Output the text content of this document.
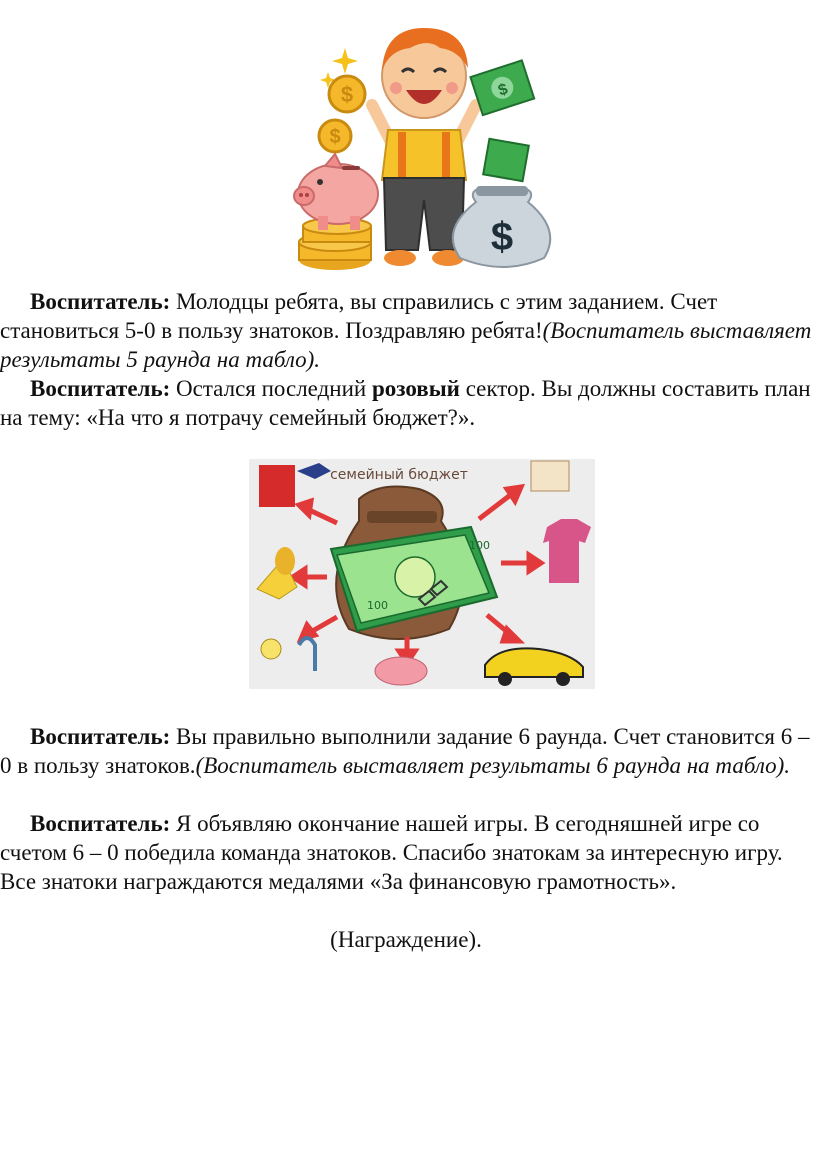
$
$
$
$

Воспитатель: Молодцы ребята, вы справились с этим заданием. Счет становиться 5-0 в пользу знатоков. Поздравляю ребята!(Воспитатель выставляет результаты 5 раунда на табло).

Воспитатель: Остался последний розовый сектор. Вы должны составить план на тему: «На что я потрачу семейный бюджет?».

семейный бюджет
100
100

Воспитатель: Вы правильно выполнили задание 6 раунда. Счет становится 6 – 0 в пользу знатоков.(Воспитатель выставляет результаты 6 раунда на табло).

Воспитатель: Я объявляю окончание нашей игры. В сегодняшней игре со счетом 6 – 0 победила команда знатоков. Спасибо знатокам за интересную игру. Все знатоки награждаются медалями «За финансовую грамотность».

(Награждение).
